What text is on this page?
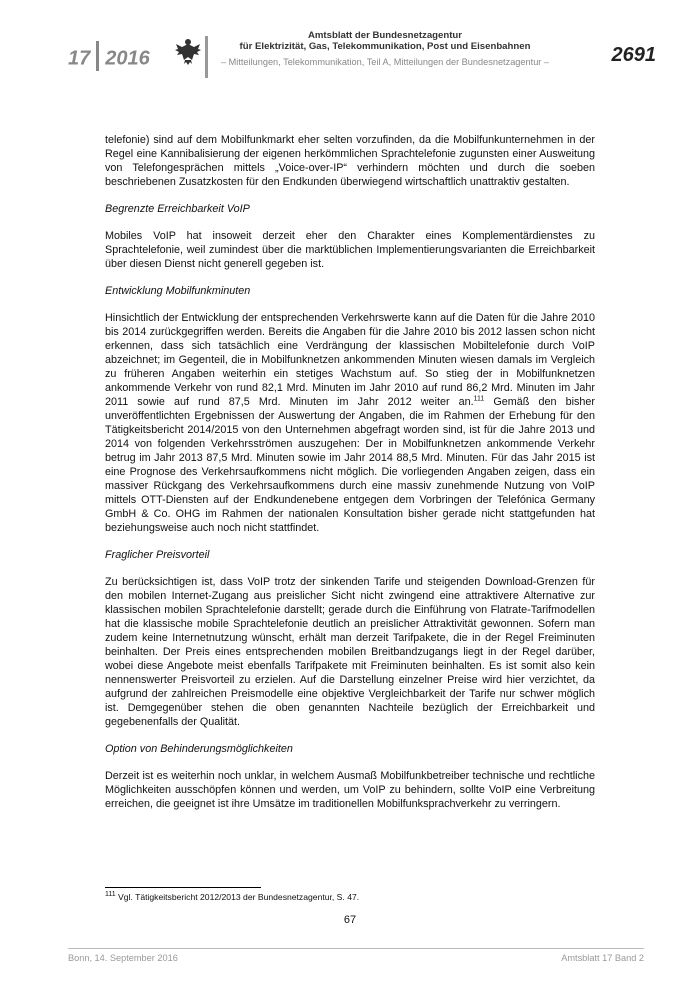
17 2016
Amtsblatt der Bundesnetzagentur
für Elektrizität, Gas, Telekommunikation, Post und Eisenbahnen
– Mitteilungen, Telekommunikation, Teil A, Mitteilungen der Bundesnetzagentur –	2691

telefonie) sind auf dem Mobilfunkmarkt eher selten vorzufinden, da die Mobilfunkunternehmen in der Regel eine Kannibalisierung der eigenen herkömmlichen Sprachtelefonie zugunsten einer Ausweitung von Telefongesprächen mittels „Voice-over-IP“ verhindern möchten und durch die soeben beschriebenen Zusatzkosten für den Endkunden überwiegend wirtschaftlich unattraktiv gestalten.

Begrenzte Erreichbarkeit VoIP

Mobiles VoIP hat insoweit derzeit eher den Charakter eines Komplementärdienstes zu Sprachtelefonie, weil zumindest über die marktüblichen Implementierungsvarianten die Erreichbarkeit über diesen Dienst nicht generell gegeben ist.

Entwicklung Mobilfunkminuten

Hinsichtlich der Entwicklung der entsprechenden Verkehrswerte kann auf die Daten für die Jahre 2010 bis 2014 zurückgegriffen werden. Bereits die Angaben für die Jahre 2010 bis 2012 lassen schon nicht erkennen, dass sich tatsächlich eine Verdrängung der klassischen Mobiltelefonie durch VoIP abzeichnet; im Gegenteil, die in Mobilfunknetzen ankommenden Minuten wiesen damals im Vergleich zu früheren Angaben weiterhin ein stetiges Wachstum auf. So stieg der in Mobilfunknetzen ankommende Verkehr von rund 82,1 Mrd. Minuten im Jahr 2010 auf rund 86,2 Mrd. Minuten im Jahr 2011 sowie auf rund 87,5 Mrd. Minuten im Jahr 2012 weiter an.$^{111}$ Gemäß den bisher unveröffentlichten Ergebnissen der Auswertung der Angaben, die im Rahmen der Erhebung für den Tätigkeitsbericht 2014/2015 von den Unternehmen abgefragt worden sind, ist für die Jahre 2013 und 2014 von folgenden Verkehrsströmen auszugehen: Der in Mobilfunknetzen ankommende Verkehr betrug im Jahr 2013 87,5 Mrd. Minuten sowie im Jahr 2014 88,5 Mrd. Minuten. Für das Jahr 2015 ist eine Prognose des Verkehrsaufkommens nicht möglich. Die vorliegenden Angaben zeigen, dass ein massiver Rückgang des Verkehrsaufkommens durch eine massiv zunehmende Nutzung von VoIP mittels OTT-Diensten auf der Endkundenebene entgegen dem Vorbringen der Telefónica Germany GmbH & Co. OHG im Rahmen der nationalen Konsultation bisher gerade nicht stattgefunden hat beziehungsweise auch noch nicht stattfindet.

Fraglicher Preisvorteil

Zu berücksichtigen ist, dass VoIP trotz der sinkenden Tarife und steigenden Download-Grenzen für den mobilen Internet-Zugang aus preislicher Sicht nicht zwingend eine attraktivere Alternative zur klassischen mobilen Sprachtelefonie darstellt; gerade durch die Einführung von Flatrate-Tarifmodellen hat die klassische mobile Sprachtelefonie deutlich an preislicher Attraktivität gewonnen. Sofern man zudem keine Internetnutzung wünscht, erhält man derzeit Tarifpakete, die in der Regel Freiminuten beinhalten. Der Preis eines entsprechenden mobilen Breitbandzugangs liegt in der Regel darüber, wobei diese Angebote meist ebenfalls Tarifpakete mit Freiminuten beinhalten. Es ist somit also kein nennenswerter Preisvorteil zu erzielen. Auf die Darstellung einzelner Preise wird hier verzichtet, da aufgrund der zahlreichen Preismodelle eine objektive Vergleichbarkeit der Tarife nur schwer möglich ist. Demgegenüber stehen die oben genannten Nachteile bezüglich der Erreichbarkeit und gegebenenfalls der Qualität.

Option von Behinderungsmöglichkeiten

Derzeit ist es weiterhin noch unklar, in welchem Ausmaß Mobilfunkbetreiber technische und rechtliche Möglichkeiten ausschöpfen können und werden, um VoIP zu behindern, sollte VoIP eine Verbreitung erreichen, die geeignet ist ihre Umsätze im traditionellen Mobilfunksprachverkehr zu verringern.

$^{111}$ Vgl. Tätigkeitsbericht 2012/2013 der Bundesnetzagentur, S. 47.
67
Bonn, 14. September 2016	Amtsblatt 17 Band 2
